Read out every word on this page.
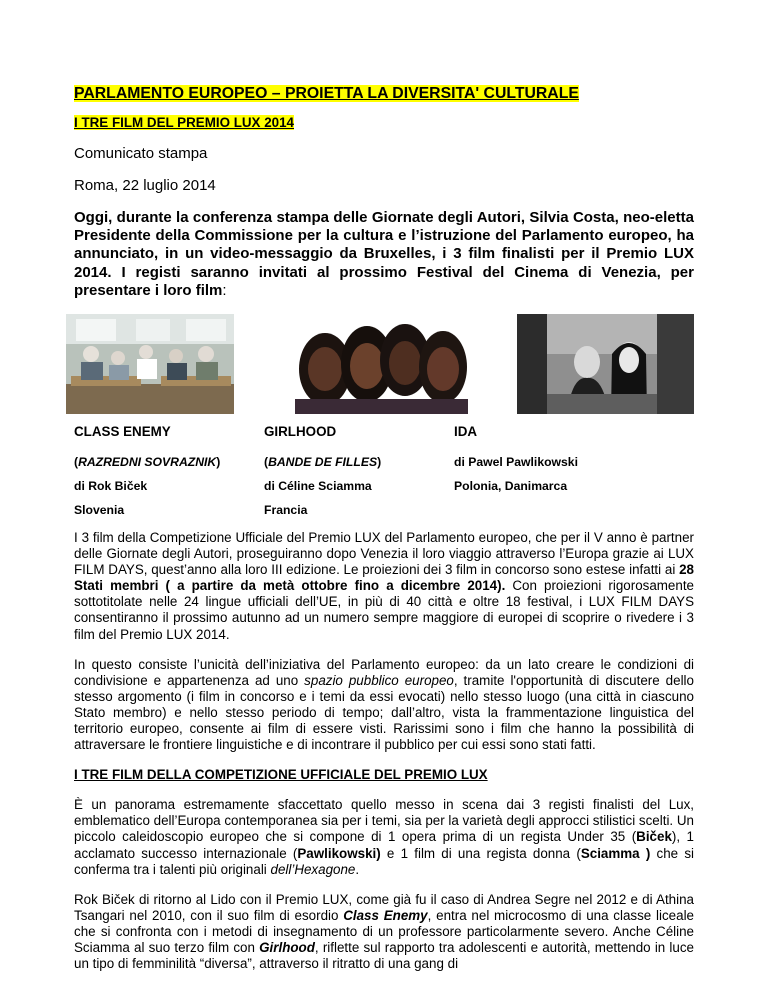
PARLAMENTO EUROPEO – PROIETTA LA DIVERSITA' CULTURALE
I TRE FILM DEL PREMIO LUX 2014
Comunicato stampa
Roma, 22 luglio 2014
Oggi, durante la conferenza stampa delle Giornate degli Autori, Silvia Costa, neo-eletta Presidente della Commissione per la cultura e l’istruzione del Parlamento europeo, ha annunciato, in un video-messaggio da Bruxelles, i 3 film finalisti per il Premio LUX 2014. I registi saranno invitati al prossimo Festival del Cinema di Venezia, per presentare i loro film:
CLASS ENEMY	GIRLHOOD	IDA
(RAZREDNI SOVRAZNIK)	(BANDE DE FILLES)	di Pawel Pawlikowski
di Rok Biček	di Céline Sciamma	Polonia, Danimarca
Slovenia	Francia
I 3 film della Competizione Ufficiale del Premio LUX del Parlamento europeo, che per il V anno è partner delle Giornate degli Autori, proseguiranno dopo Venezia il loro viaggio attraverso l’Europa grazie ai LUX FILM DAYS, quest’anno alla loro III edizione. Le proiezioni dei 3 film in concorso sono estese infatti ai 28 Stati membri ( a partire da metà ottobre fino a dicembre 2014). Con proiezioni rigorosamente sottotitolate nelle 24 lingue ufficiali dell’UE, in più di 40 città e oltre 18 festival, i LUX FILM DAYS consentiranno il prossimo autunno ad un numero sempre maggiore di europei di scoprire o rivedere i 3 film del Premio LUX 2014.
In questo consiste l’unicità dell’iniziativa del Parlamento europeo: da un lato creare le condizioni di condivisione e appartenenza ad uno spazio pubblico europeo, tramite l'opportunità di discutere dello stesso argomento (i film in concorso e i temi da essi evocati) nello stesso luogo (una città in ciascuno Stato membro) e nello stesso periodo di tempo; dall’altro, vista la frammentazione linguistica del territorio europeo, consente ai film di essere visti. Rarissimi sono i film che hanno la possibilità di attraversare le frontiere linguistiche e di incontrare il pubblico per cui essi sono stati fatti.
I TRE FILM DELLA COMPETIZIONE UFFICIALE DEL PREMIO LUX
È un panorama estremamente sfaccettato quello messo in scena dai 3 registi finalisti del Lux, emblematico dell’Europa contemporanea sia per i temi, sia per la varietà degli approcci stilistici scelti. Un piccolo caleidoscopio europeo che si compone di 1 opera prima di un regista Under 35 (Biček), 1 acclamato successo internazionale (Pawlikowski) e 1 film di una regista donna (Sciamma ) che si conferma tra i talenti più originali dell’Hexagone.
Rok Biček di ritorno al Lido con il Premio LUX, come già fu il caso di Andrea Segre nel 2012 e di Athina Tsangari nel 2010, con il suo film di esordio Class Enemy, entra nel microcosmo di una classe liceale che si confronta con i metodi di insegnamento di un professore particolarmente severo. Anche Céline Sciamma al suo terzo film con Girlhood, riflette sul rapporto tra adolescenti e autorità, mettendo in luce un tipo di femminilità “diversa”, attraverso il ritratto di una gang di
